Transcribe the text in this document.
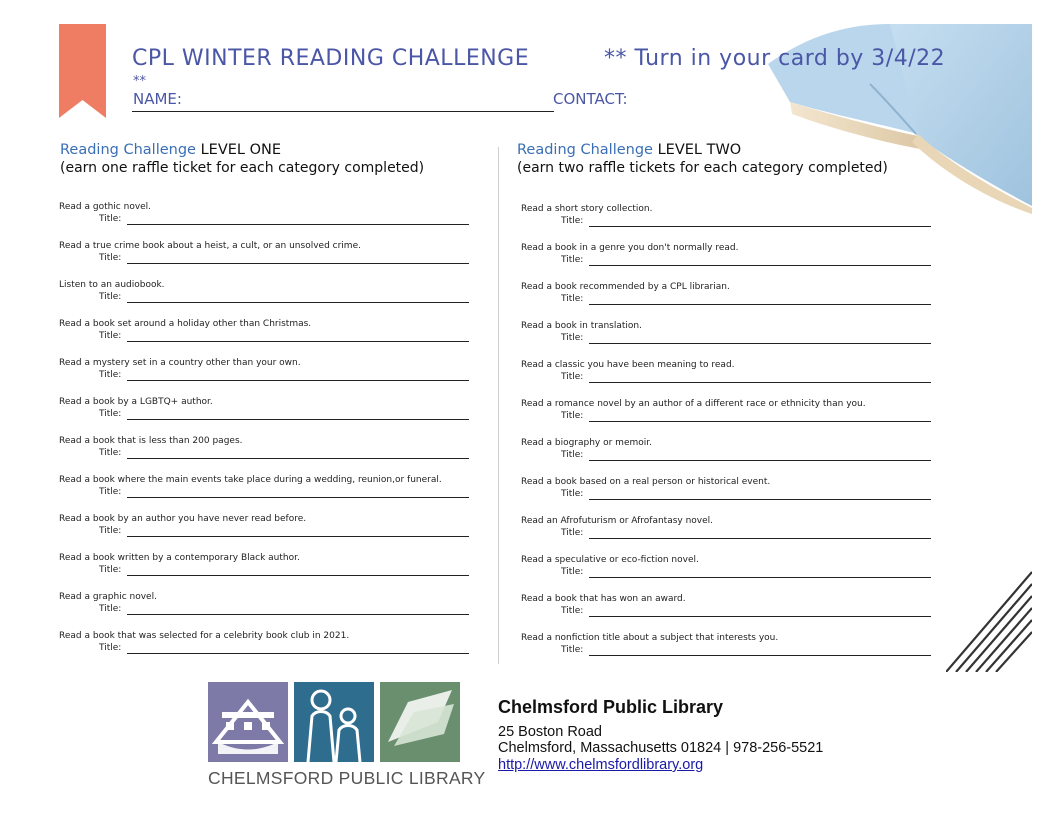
CPL WINTER READING CHALLENGE	** Turn in your card by 3/4/22
**
NAME:	CONTACT:
Reading Challenge LEVEL ONE
(earn one raffle ticket for each category completed)
Reading Challenge LEVEL TWO
(earn two raffle tickets for each category completed)
Read a gothic novel.
Title:
Read a true crime book about a heist, a cult, or an unsolved crime.
Title:
Listen to an audiobook.
Title:
Read a book set around a holiday other than Christmas.
Title:
Read a mystery set in a country other than your own.
Title:
Read a book by a LGBTQ+ author.
Title:
Read a book that is less than 200 pages.
Title:
Read a book where the main events take place during a wedding, reunion,or funeral.
Title:
Read a book by an author you have never read before.
Title:
Read a book written by a contemporary Black author.
Title:
Read a graphic novel.
Title:
Read a book that was selected for a celebrity book club in 2021.
Title:
Read a short story collection.
Title:
Read a book in a genre you don't normally read.
Title:
Read a book recommended by a CPL librarian.
Title:
Read a book in translation.
Title:
Read a classic you have been meaning to read.
Title:
Read a romance novel by an author of a different race or ethnicity than you.
Title:
Read a biography or memoir.
Title:
Read a book based on a real person or historical event.
Title:
Read an Afrofuturism or Afrofantasy novel.
Title:
Read a speculative or eco-fiction novel.
Title:
Read a book that has won an award.
Title:
Read a nonfiction title about a subject that interests you.
Title:
CHELMSFORD PUBLIC LIBRARY
Chelmsford Public Library
25 Boston Road
Chelmsford, Massachusetts 01824 | 978-256-5521
http://www.chelmsfordlibrary.org
